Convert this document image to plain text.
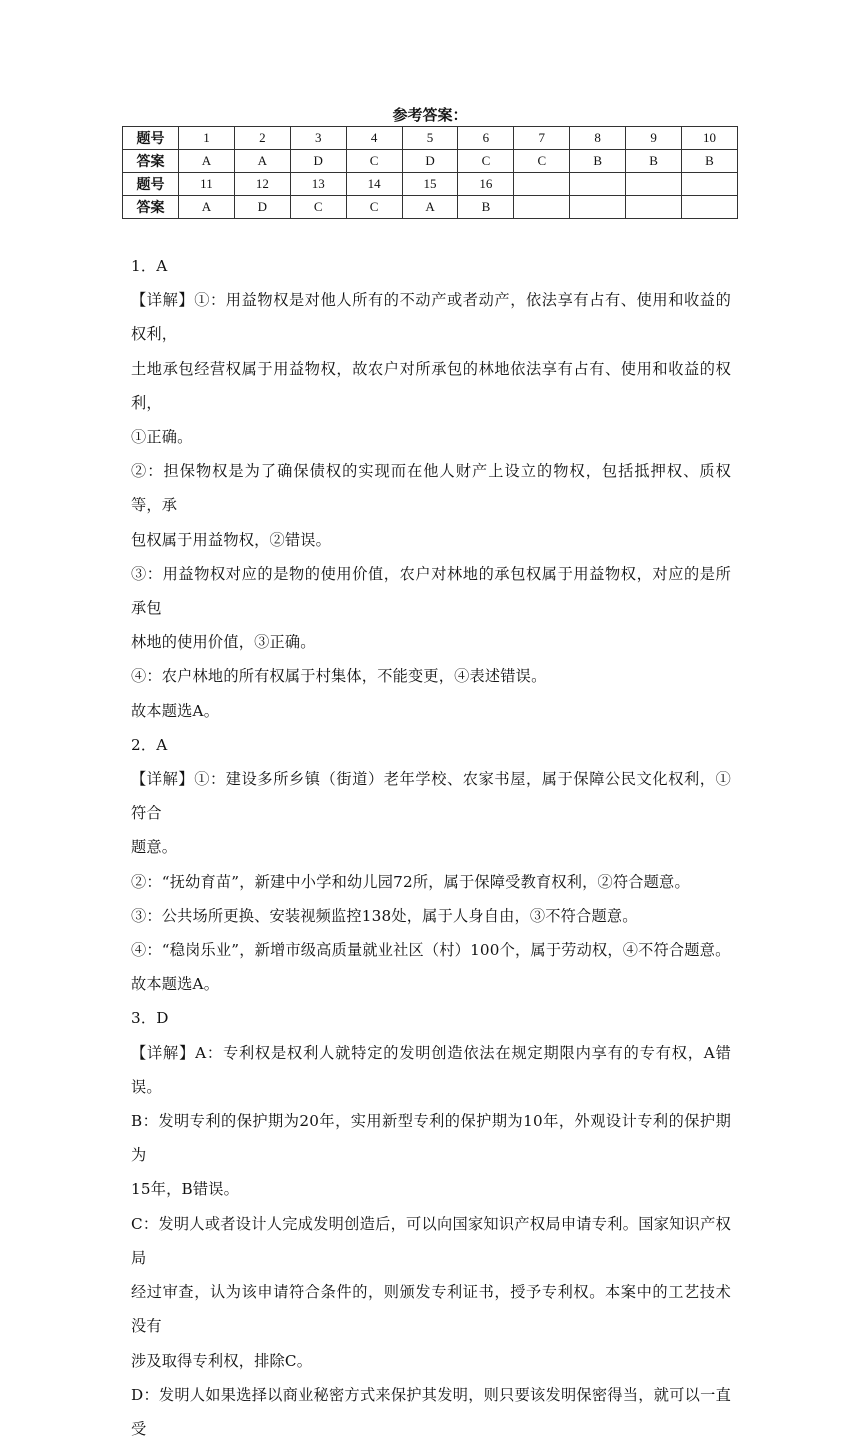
参考答案：
题号	1	2	3	4	5	6	7	8	9	10
答案	A	A	D	C	D	C	C	B	B	B
题号	11	12	13	14	15	16				
答案	A	D	C	C	A	B				

1．A

【详解】①：用益物权是对他人所有的不动产或者动产，依法享有占有、使用和收益的权利，

土地承包经营权属于用益物权，故农户对所承包的林地依法享有占有、使用和收益的权利，

①正确。

②：担保物权是为了确保债权的实现而在他人财产上设立的物权，包括抵押权、质权等，承

包权属于用益物权，②错误。

③：用益物权对应的是物的使用价值，农户对林地的承包权属于用益物权，对应的是所承包

林地的使用价值，③正确。

④：农户林地的所有权属于村集体，不能变更，④表述错误。

故本题选A。

2．A

【详解】①：建设多所乡镇（街道）老年学校、农家书屋，属于保障公民文化权利，①符合

题意。

②：“抚幼育苗”，新建中小学和幼儿园72所，属于保障受教育权利，②符合题意。

③：公共场所更换、安装视频监控138处，属于人身自由，③不符合题意。

④：“稳岗乐业”，新增市级高质量就业社区（村）100个，属于劳动权，④不符合题意。

故本题选A。

3．D

【详解】A：专利权是权利人就特定的发明创造依法在规定期限内享有的专有权，A错误。

B：发明专利的保护期为20年，实用新型专利的保护期为10年，外观设计专利的保护期为

15年，B错误。

C：发明人或者设计人完成发明创造后，可以向国家知识产权局申请专利。国家知识产权局

经过审查，认为该申请符合条件的，则颁发专利证书，授予专利权。本案中的工艺技术没有

涉及取得专利权，排除C。

D：发明人如果选择以商业秘密方式来保护其发明，则只要该发明保密得当，就可以一直受
